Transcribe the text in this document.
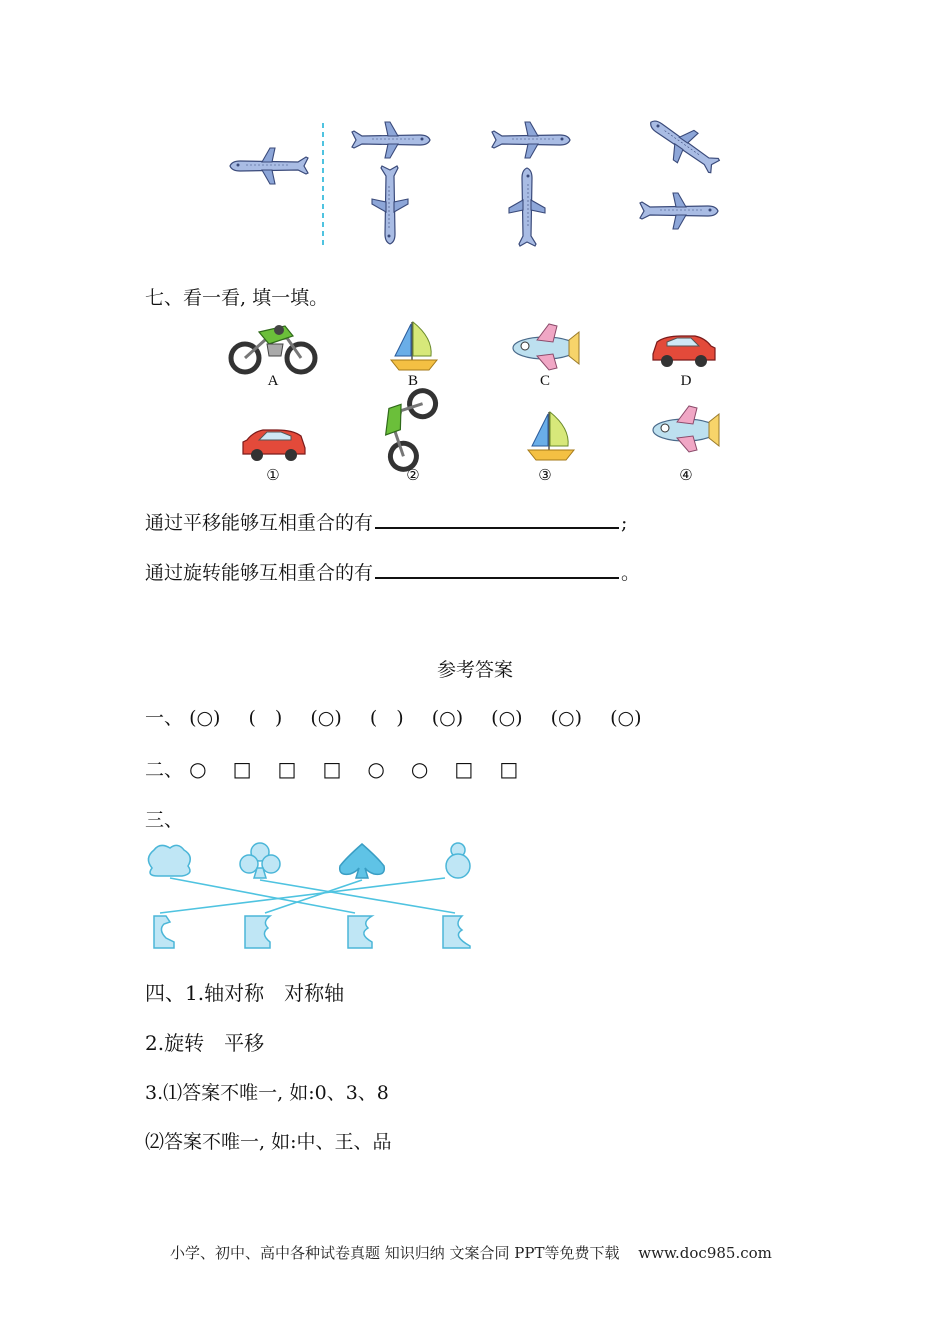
七、看一看, 填一填。
A	B	C	D
①	②	③	④
通过平移能够互相重合的有	;
通过旋转能够互相重合的有	。
参考答案
一、 (○) (　) (○) (　) (○) (○) (○) (○)
二、 ○ □ □ □ ○ ○ □ □
三、
四、1.轴对称　对称轴
2.旋转　平移
3.⑴答案不唯一, 如:0、3、8
⑵答案不唯一, 如:中、王、品
小学、初中、高中各种试卷真题 知识归纳 文案合同 PPT等免费下载 www.doc985.com
